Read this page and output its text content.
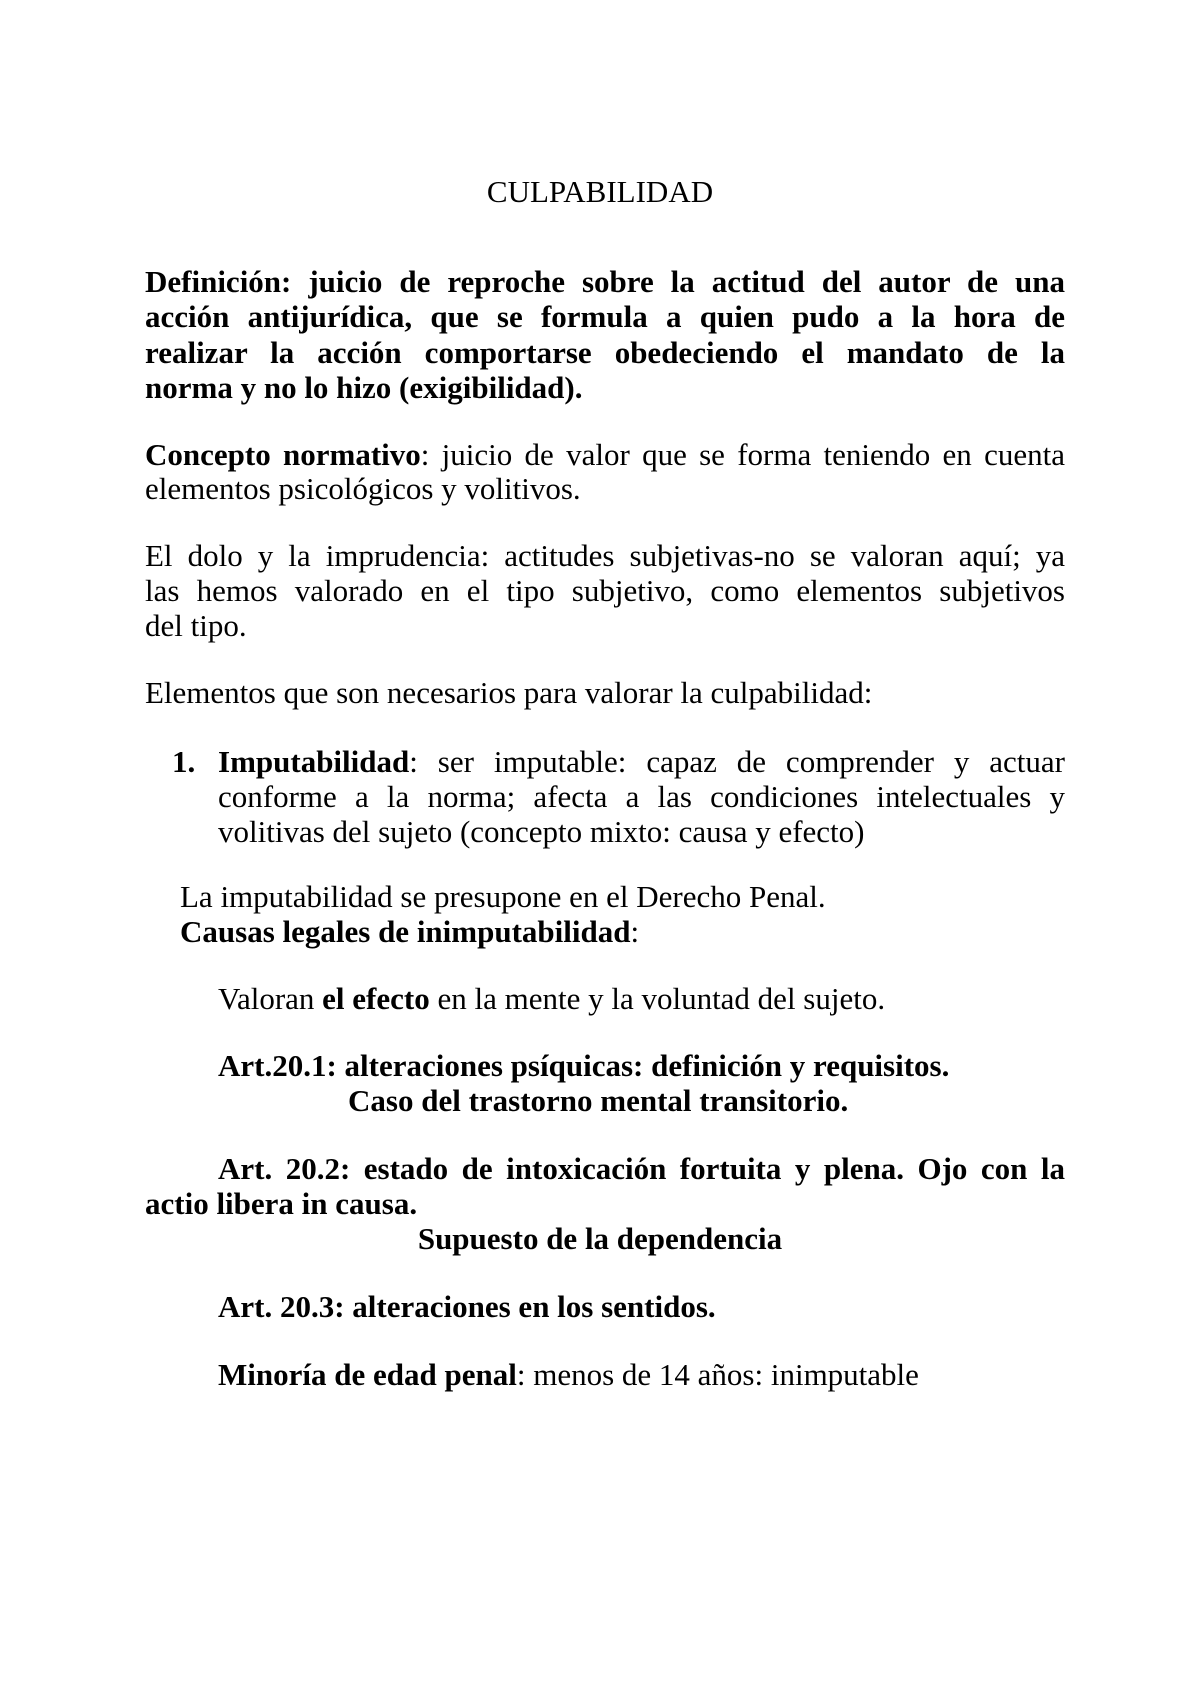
CULPABILIDAD
Definición: juicio de reproche sobre la actitud del autor de una
acción antijurídica, que se formula a quien pudo a la hora de
realizar la acción comportarse obedeciendo el mandato de la
norma y no lo hizo (exigibilidad).
Concepto normativo: juicio de valor que se forma teniendo en cuenta
elementos psicológicos y volitivos.
El dolo y la imprudencia: actitudes subjetivas-no se valoran aquí; ya
las hemos valorado en el tipo subjetivo, como elementos subjetivos
del tipo.
Elementos que son necesarios para valorar la culpabilidad:
1. Imputabilidad: ser imputable: capaz de comprender y actuar
conforme a la norma; afecta a las condiciones intelectuales y
volitivas del sujeto (concepto mixto: causa y efecto)
La imputabilidad se presupone en el Derecho Penal.
Causas legales de inimputabilidad:
Valoran el efecto en la mente y la voluntad del sujeto.
Art.20.1: alteraciones psíquicas: definición y requisitos.
Caso del trastorno mental transitorio.
Art. 20.2: estado de intoxicación fortuita y plena. Ojo con la
actio libera in causa.
Supuesto de la dependencia
Art. 20.3: alteraciones en los sentidos.
Minoría de edad penal: menos de 14 años: inimputable
